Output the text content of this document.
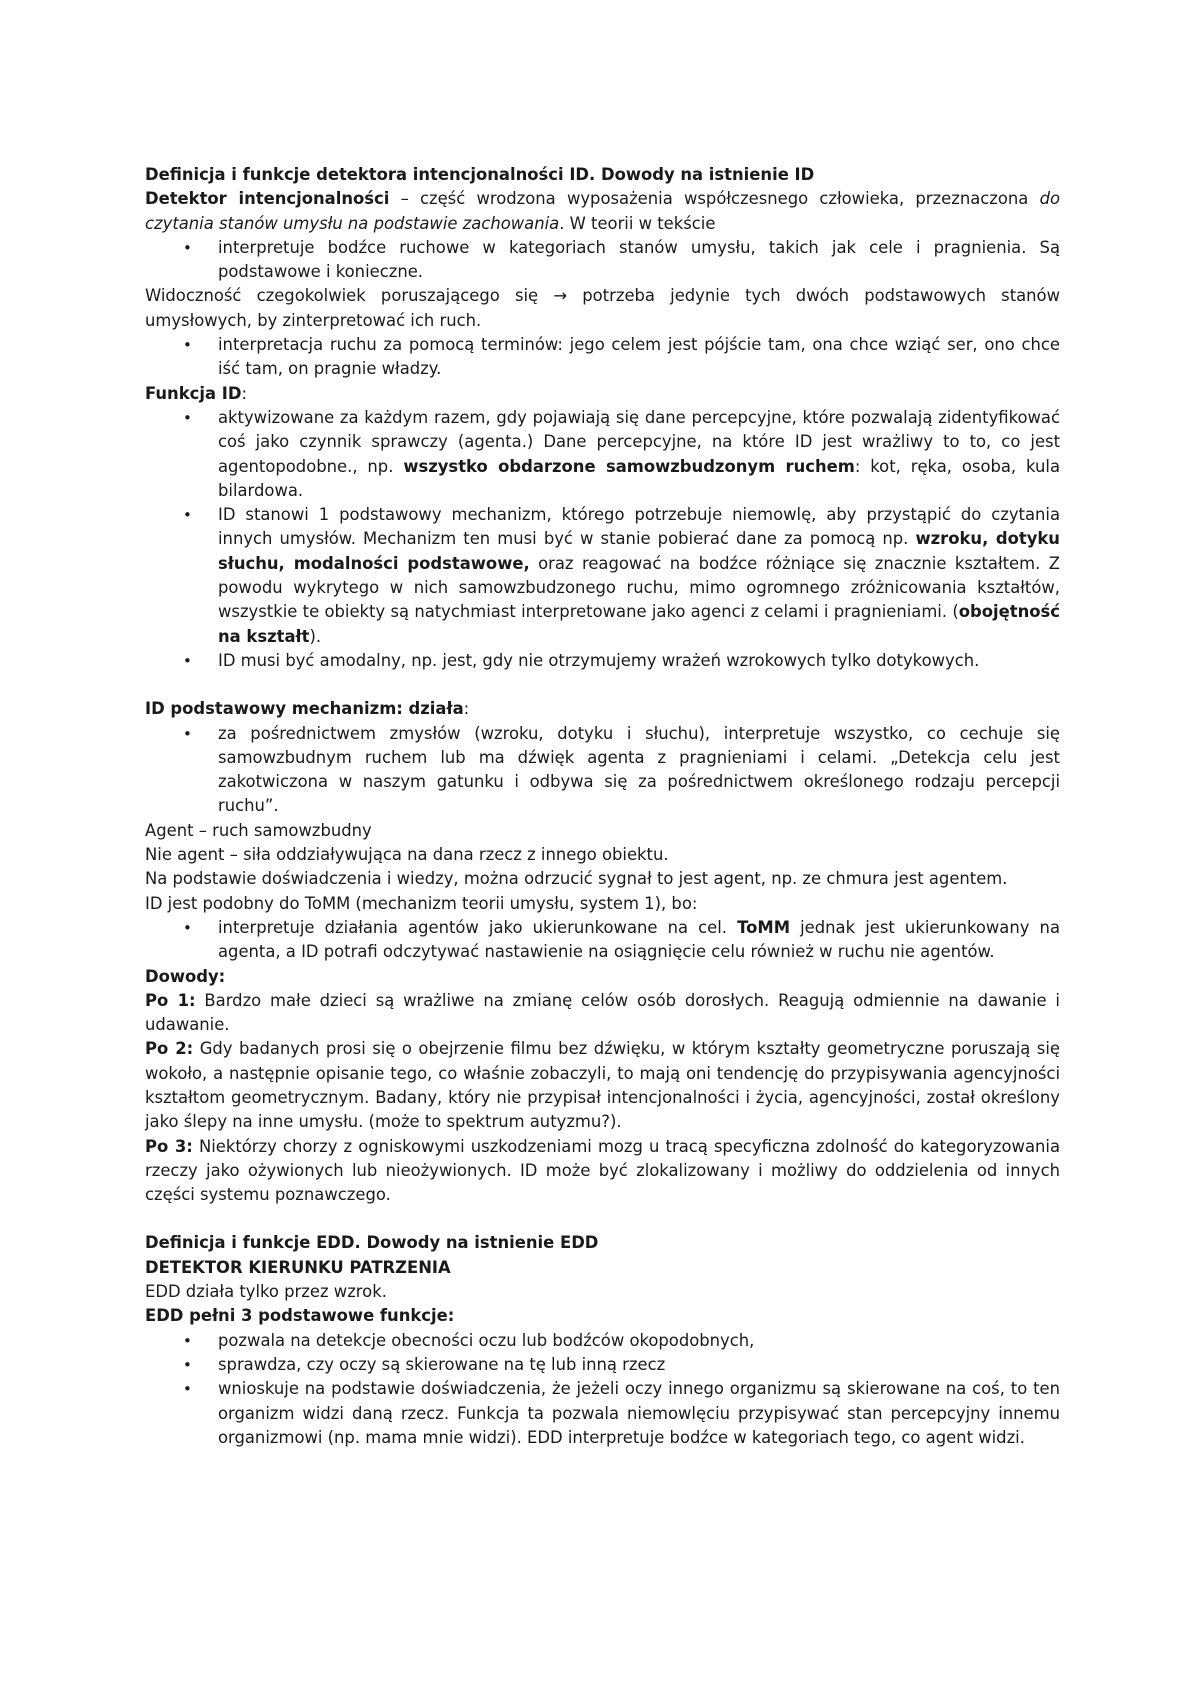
Definicja i funkcje detektora intencjonalności ID. Dowody na istnienie ID

Detektor intencjonalności – część wrodzona wyposażenia współczesnego człowieka, przeznaczona do czytania stanów umysłu na podstawie zachowania. W teorii w tekście

• interpretuje bodźce ruchowe w kategoriach stanów umysłu, takich jak cele i pragnienia. Są podstawowe i konieczne.

Widoczność czegokolwiek poruszającego się → potrzeba jedynie tych dwóch podstawowych stanów umysłowych, by zinterpretować ich ruch.

• interpretacja ruchu za pomocą terminów: jego celem jest pójście tam, ona chce wziąć ser, ono chce iść tam, on pragnie władzy.

Funkcja ID:

• aktywizowane za każdym razem, gdy pojawiają się dane percepcyjne, które pozwalają zidentyfikować coś jako czynnik sprawczy (agenta.) Dane percepcyjne, na które ID jest wrażliwy to to, co jest agentopodobne., np. wszystko obdarzone samowzbudzonym ruchem: kot, ręka, osoba, kula bilardowa.
• ID stanowi 1 podstawowy mechanizm, którego potrzebuje niemowlę, aby przystąpić do czytania innych umysłów. Mechanizm ten musi być w stanie pobierać dane za pomocą np. wzroku, dotyku słuchu, modalności podstawowe, oraz reagować na bodźce różniące się znacznie kształtem. Z powodu wykrytego w nich samowzbudzonego ruchu, mimo ogromnego zróżnicowania kształtów, wszystkie te obiekty są natychmiast interpretowane jako agenci z celami i pragnieniami. (obojętność na kształt).
• ID musi być amodalny, np. jest, gdy nie otrzymujemy wrażeń wzrokowych tylko dotykowych.

ID podstawowy mechanizm: działa:

• za pośrednictwem zmysłów (wzroku, dotyku i słuchu), interpretuje wszystko, co cechuje się samowzbudnym ruchem lub ma dźwięk agenta z pragnieniami i celami. „Detekcja celu jest zakotwiczona w naszym gatunku i odbywa się za pośrednictwem określonego rodzaju percepcji ruchu”.

Agent – ruch samowzbudny

Nie agent – siła oddziaływująca na dana rzecz z innego obiektu.

Na podstawie doświadczenia i wiedzy, można odrzucić sygnał to jest agent, np. ze chmura jest agentem.

ID jest podobny do ToMM (mechanizm teorii umysłu, system 1), bo:

• interpretuje działania agentów jako ukierunkowane na cel. ToMM jednak jest ukierunkowany na agenta, a ID potrafi odczytywać nastawienie na osiągnięcie celu również w ruchu nie agentów.

Dowody:

Po 1: Bardzo małe dzieci są wrażliwe na zmianę celów osób dorosłych. Reagują odmiennie na dawanie i udawanie.

Po 2: Gdy badanych prosi się o obejrzenie filmu bez dźwięku, w którym kształty geometryczne poruszają się wokoło, a następnie opisanie tego, co właśnie zobaczyli, to mają oni tendencję do przypisywania agencyjności kształtom geometrycznym. Badany, który nie przypisał intencjonalności i życia, agencyjności, został określony jako ślepy na inne umysłu. (może to spektrum autyzmu?).

Po 3: Niektórzy chorzy z ogniskowymi uszkodzeniami mozg u tracą specyficzna zdolność do kategoryzowania rzeczy jako ożywionych lub nieożywionych. ID może być zlokalizowany i możliwy do oddzielenia od innych części systemu poznawczego.

Definicja i funkcje EDD. Dowody na istnienie EDD

DETEKTOR KIERUNKU PATRZENIA

EDD działa tylko przez wzrok.

EDD pełni 3 podstawowe funkcje:

• pozwala na detekcje obecności oczu lub bodźców okopodobnych,
• sprawdza, czy oczy są skierowane na tę lub inną rzecz
• wnioskuje na podstawie doświadczenia, że jeżeli oczy innego organizmu są skierowane na coś, to ten organizm widzi daną rzecz. Funkcja ta pozwala niemowlęciu przypisywać stan percepcyjny innemu organizmowi (np. mama mnie widzi). EDD interpretuje bodźce w kategoriach tego, co agent widzi.
